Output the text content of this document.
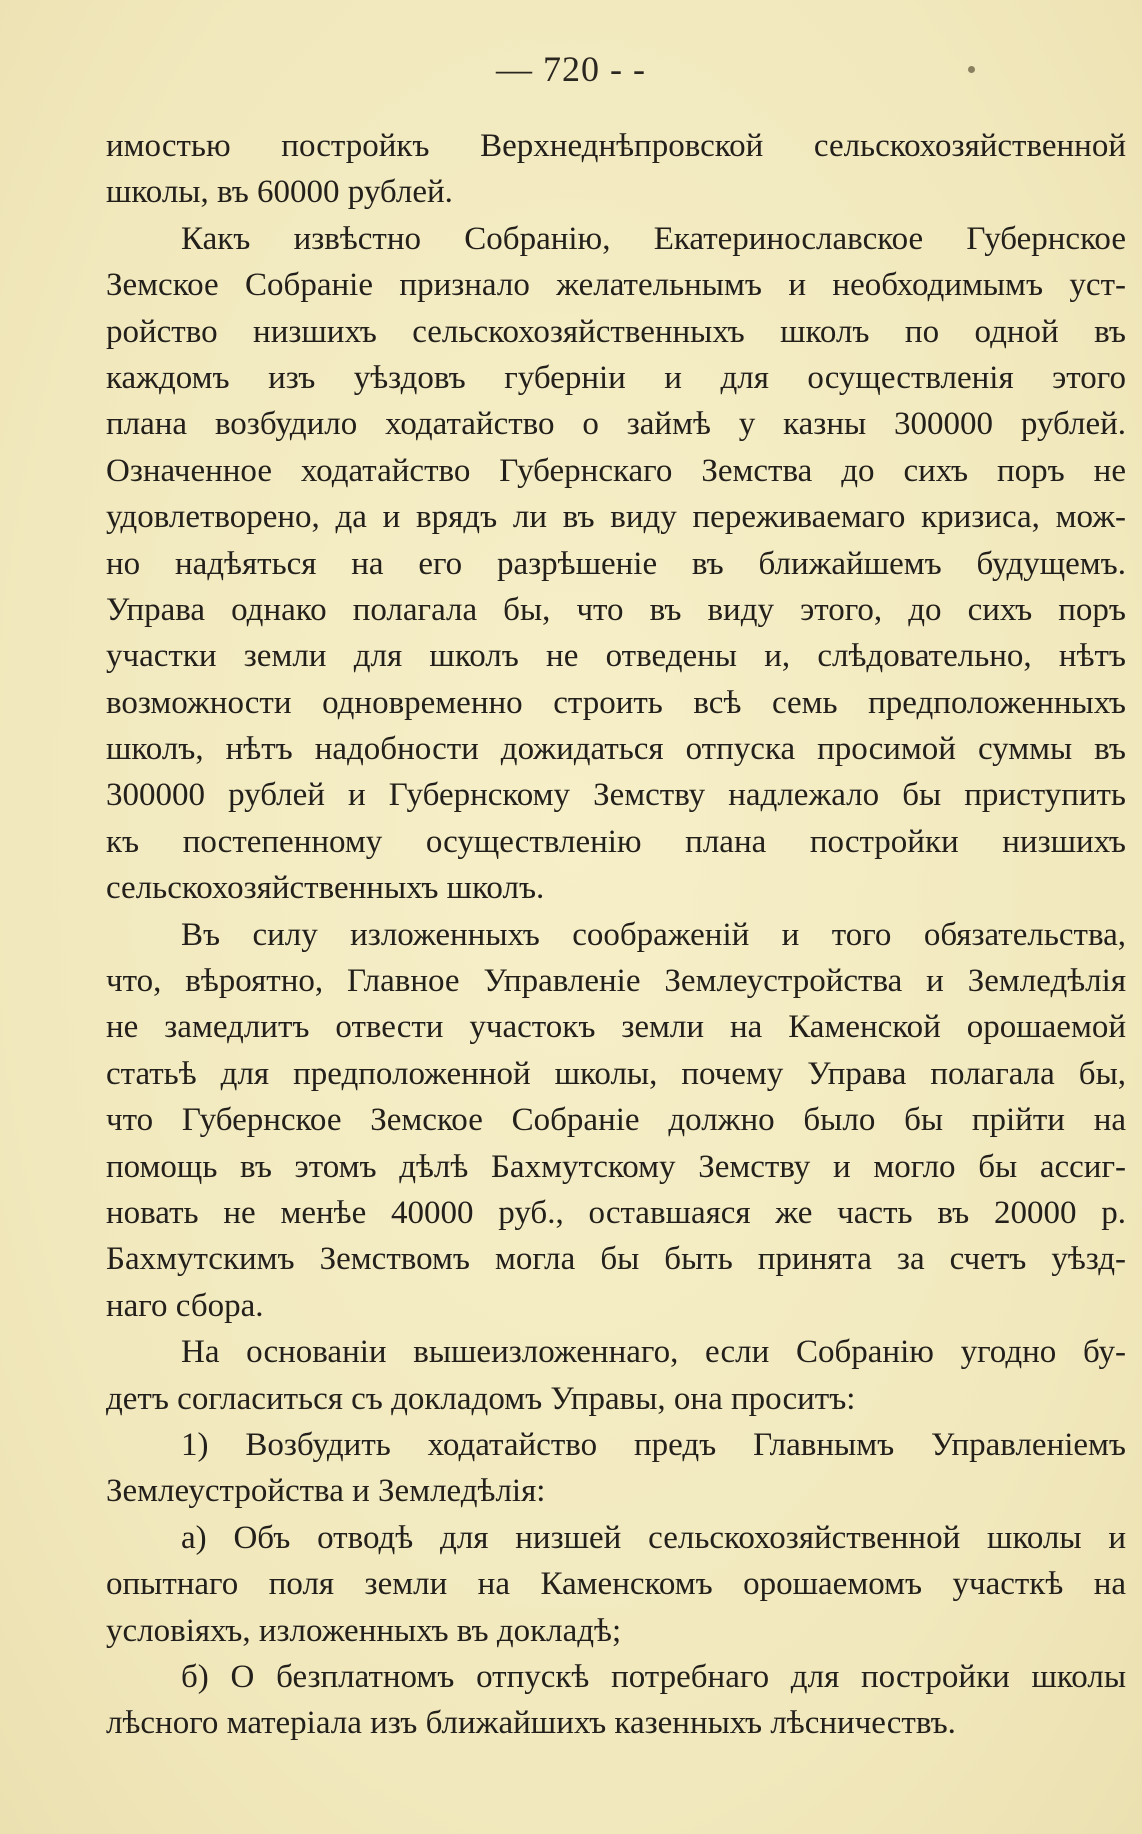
— 720 - -
имостью постройкъ Верхнеднѣпровской сельскохозяйственной
школы, въ 60000 рублей.
Какъ извѣстно Собранію, Екатеринославское Губернское
Земское Собраніе признало желательнымъ и необходимымъ уст-
ройство низшихъ сельскохозяйственныхъ школъ по одной въ
каждомъ изъ уѣздовъ губерніи и для осуществленія этого
плана возбудило ходатайство о займѣ у казны 300000 рублей.
Означенное ходатайство Губернскаго Земства до сихъ поръ не
удовлетворено, да и врядъ ли въ виду переживаемаго кризиса, мож-
но надѣяться на его разрѣшеніе въ ближайшемъ будущемъ.
Управа однако полагала бы, что въ виду этого, до сихъ поръ
участки земли для школъ не отведены и, слѣдовательно, нѣтъ
возможности одновременно строить всѣ семь предположенныхъ
школъ, нѣтъ надобности дожидаться отпуска просимой суммы въ
300000 рублей и Губернскому Земству надлежало бы приступить
къ постепенному осуществленію плана постройки низшихъ
сельскохозяйственныхъ школъ.
Въ силу изложенныхъ соображеній и того обязательства,
что, вѣроятно, Главное Управленіе Землеустройства и Земледѣлія
не замедлитъ отвести участокъ земли на Каменской орошаемой
статьѣ для предположенной школы, почему Управа полагала бы,
что Губернское Земское Собраніе должно было бы прійти на
помощь въ этомъ дѣлѣ Бахмутскому Земству и могло бы ассиг-
новать не менѣе 40000 руб., оставшаяся же часть въ 20000 р.
Бахмутскимъ Земствомъ могла бы быть принята за счетъ уѣзд-
наго сбора.
На основаніи вышеизложеннаго, если Собранію угодно бу-
детъ согласиться съ докладомъ Управы, она проситъ:
1) Возбудить ходатайство предъ Главнымъ Управленіемъ
Землеустройства и Земледѣлія:
а) Объ отводѣ для низшей сельскохозяйственной школы и
опытнаго поля земли на Каменскомъ орошаемомъ участкѣ на
условіяхъ, изложенныхъ въ докладѣ;
б) О безплатномъ отпускѣ потребнаго для постройки школы
лѣсного матеріала изъ ближайшихъ казенныхъ лѣсничествъ.
